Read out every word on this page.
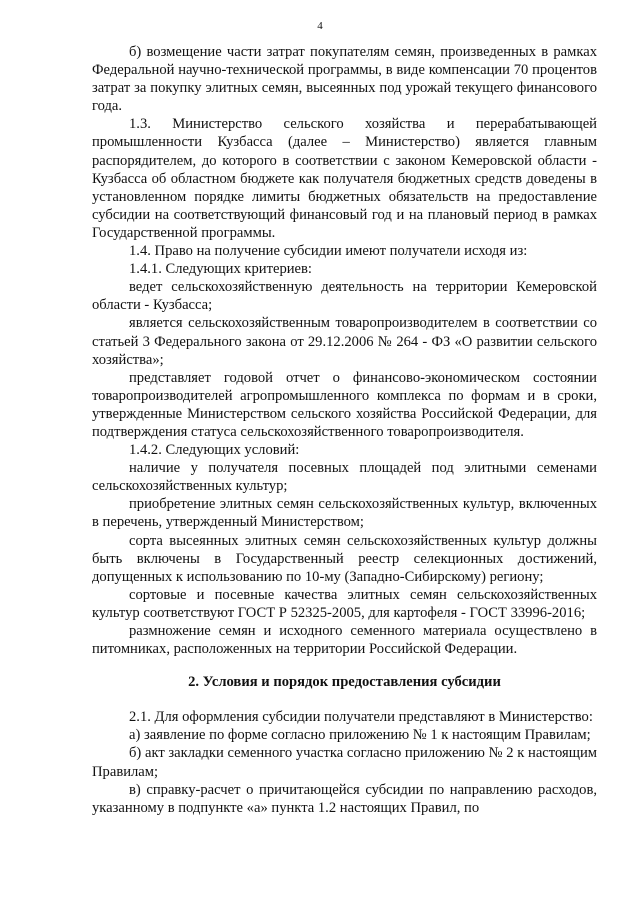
4

б) возмещение части затрат покупателям семян, произведенных в рамках Федеральной научно-технической программы, в виде компенсации 70 процентов затрат за покупку элитных семян, высеянных под урожай текущего финансового года.

1.3. Министерство сельского хозяйства и перерабатывающей промышленности Кузбасса (далее – Министерство) является главным распорядителем, до которого в соответствии с законом Кемеровской области - Кузбасса об областном бюджете как получателя бюджетных средств доведены в установленном порядке лимиты бюджетных обязательств на предоставление субсидии на соответствующий финансовый год и на плановый период в рамках Государственной программы.

1.4. Право на получение субсидии имеют получатели исходя из:

1.4.1. Следующих критериев:

ведет сельскохозяйственную деятельность на территории Кемеровской области - Кузбасса;

является сельскохозяйственным товаропроизводителем в соответствии со статьей 3 Федерального закона от 29.12.2006 № 264 - ФЗ «О развитии сельского хозяйства»;

представляет годовой отчет о финансово-экономическом состоянии товаропроизводителей агропромышленного комплекса по формам и в сроки, утвержденные Министерством сельского хозяйства Российской Федерации, для подтверждения статуса сельскохозяйственного товаропроизводителя.

1.4.2. Следующих условий:

наличие у получателя посевных площадей под элитными семенами сельскохозяйственных культур;

приобретение элитных семян сельскохозяйственных культур, включенных в перечень, утвержденный Министерством;

сорта высеянных элитных семян сельскохозяйственных культур должны быть включены в Государственный реестр селекционных достижений, допущенных к использованию по 10-му (Западно-Сибирскому) региону;

сортовые и посевные качества элитных семян сельскохозяйственных культур соответствуют ГОСТ Р 52325-2005, для картофеля - ГОСТ 33996-2016;

размножение семян и исходного семенного материала осуществлено в питомниках, расположенных на территории Российской Федерации.

2. Условия и порядок предоставления субсидии

2.1. Для оформления субсидии получатели представляют в Министерство:

а) заявление по форме согласно приложению № 1 к настоящим Правилам;

б) акт закладки семенного участка согласно приложению № 2 к настоящим Правилам;

в) справку-расчет о причитающейся субсидии по направлению расходов, указанному в подпункте «а» пункта 1.2 настоящих Правил, по
